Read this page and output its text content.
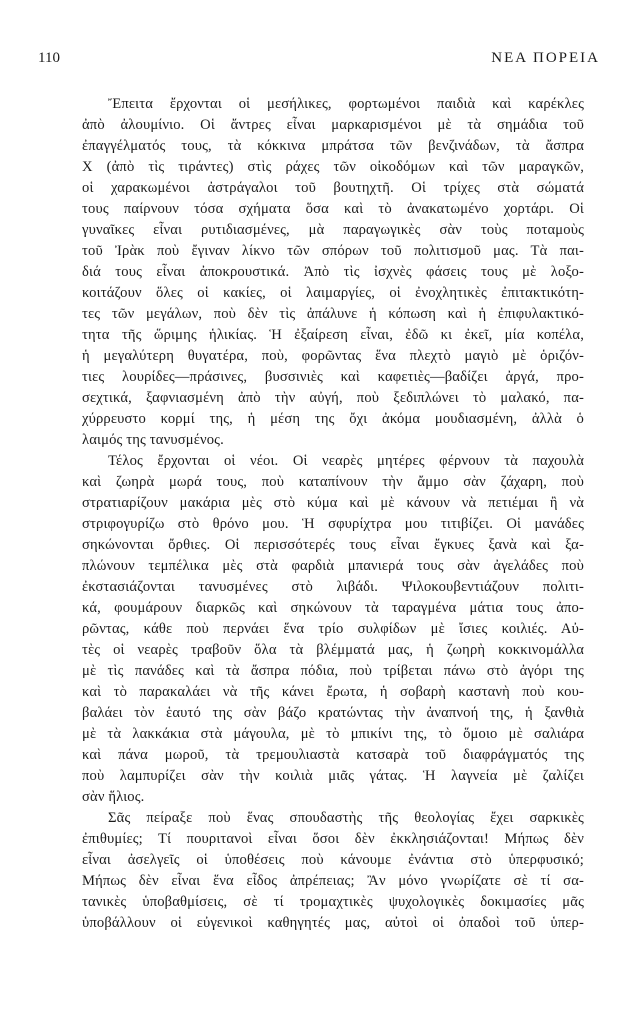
110	ΝΕΑ ΠΟΡΕΙΑ

Ἔπειτα ἔρχονται οἱ μεσήλικες, φορτωμένοι παιδιὰ καὶ καρέκλες
ἀπὸ ἀλουμίνιο. Οἱ ἄντρες εἶναι μαρκαρισμένοι μὲ τὰ σημάδια τοῦ
ἐπαγγέλματός τους, τὰ κόκκινα μπράτσα τῶν βενζινάδων, τὰ ἄσπρα
Χ (ἀπὸ τὶς τιράντες) στὶς ράχες τῶν οἰκοδόμων καὶ τῶν μαραγκῶν,
οἱ χαρακωμένοι ἀστράγαλοι τοῦ βουτηχτῆ. Οἱ τρίχες στὰ σώματά
τους παίρνουν τόσα σχήματα ὅσα καὶ τὸ ἀνακατωμένο χορτάρι. Οἱ
γυναῖκες εἶναι ρυτιδιασμένες, μὰ παραγωγικὲς σὰν τοὺς ποταμοὺς
τοῦ Ἰρὰκ ποὺ ἔγιναν λίκνο τῶν σπόρων τοῦ πολιτισμοῦ μας. Τὰ παι-
διά τους εἶναι ἀποκρουστικά. Ἀπὸ τὶς ἰσχνὲς φάσεις τους μὲ λοξο-
κοιτάζουν ὅλες οἱ κακίες, οἱ λαιμαργίες, οἱ ἐνοχλητικὲς ἐπιτακτικότη-
τες τῶν μεγάλων, ποὺ δὲν τὶς ἀπάλυνε ἡ κόπωση καὶ ἡ ἐπιφυλακτικό-
τητα τῆς ὥριμης ἡλικίας. Ἡ ἐξαίρεση εἶναι, ἐδῶ κι ἐκεῖ, μία κοπέλα,
ἡ μεγαλύτερη θυγατέρα, ποὺ, φορῶντας ἕνα πλεχτὸ μαγιὸ μὲ ὁριζόν-
τιες λουρίδες—πράσινες, βυσσινιὲς καὶ καφετιὲς—βαδίζει ἀργά, προ-
σεχτικά, ξαφνιασμένη ἀπὸ τὴν αὐγή, ποὺ ξεδιπλώνει τὸ μαλακό, πα-
χύρρευστο κορμί της, ἡ μέση της ὄχι ἀκόμα μουδιασμένη, ἀλλὰ ὁ
λαιμός της τανυσμένος.

Τέλος ἔρχονται οἱ νέοι. Οἱ νεαρὲς μητέρες φέρνουν τὰ παχουλὰ
καὶ ζωηρὰ μωρά τους, ποὺ καταπίνουν τὴν ἄμμο σὰν ζάχαρη, ποὺ
στρατιαρίζουν μακάρια μὲς στὸ κύμα καὶ μὲ κάνουν νὰ πετιέμαι ἢ νὰ
στριφογυρίζω στὸ θρόνο μου. Ἡ σφυρίχτρα μου τιτιβίζει. Οἱ μανάδες
σηκώνονται ὄρθιες. Οἱ περισσότερές τους εἶναι ἔγκυες ξανὰ καὶ ξα-
πλώνουν τεμπέλικα μὲς στὰ φαρδιὰ μπανιερά τους σὰν ἀγελάδες ποὺ
ἐκστασιάζονται τανυσμένες στὸ λιβάδι. Ψιλοκουβεντιάζουν πολιτι-
κά, φουμάρουν διαρκῶς καὶ σηκώνουν τὰ ταραγμένα μάτια τους ἀπο-
ρῶντας, κάθε ποὺ περνάει ἕνα τρίο συλφίδων μὲ ἴσιες κοιλιές. Αὐ-
τὲς οἱ νεαρὲς τραβοῦν ὅλα τὰ βλέμματά μας, ἡ ζωηρὴ κοκκινομάλλα
μὲ τὶς πανάδες καὶ τὰ ἄσπρα πόδια, ποὺ τρίβεται πάνω στὸ ἀγόρι της
καὶ τὸ παρακαλάει νὰ τῆς κάνει ἔρωτα, ἡ σοβαρὴ καστανὴ ποὺ κου-
βαλάει τὸν ἑαυτό της σὰν βάζο κρατώντας τὴν ἀναπνοή της, ἡ ξανθιὰ
μὲ τὰ λακκάκια στὰ μάγουλα, μὲ τὸ μπικίνι της, τὸ ὅμοιο μὲ σαλιάρα
καὶ πάνα μωροῦ, τὰ τρεμουλιαστὰ κατσαρὰ τοῦ διαφράγματός της
ποὺ λαμπυρίζει σὰν τὴν κοιλιὰ μιᾶς γάτας. Ἡ λαγνεία μὲ ζαλίζει
σὰν ἥλιος.

Σᾶς πείραξε ποὺ ἕνας σπουδαστὴς τῆς θεολογίας ἔχει σαρκικὲς
ἐπιθυμίες; Τί πουριτανοὶ εἶναι ὅσοι δὲν ἐκκλησιάζονται! Μήπως δὲν
εἶναι ἀσελγεῖς οἱ ὑποθέσεις ποὺ κάνουμε ἐνάντια στὸ ὑπερφυσικό;
Μήπως δὲν εἶναι ἕνα εἶδος ἀπρέπειας; Ἂν μόνο γνωρίζατε σὲ τί σα-
τανικὲς ὑποβαθμίσεις, σὲ τί τρομαχτικὲς ψυχολογικὲς δοκιμασίες μᾶς
ὑποβάλλουν οἱ εὐγενικοὶ καθηγητές μας, αὐτοὶ οἱ ὀπαδοὶ τοῦ ὑπερ-
